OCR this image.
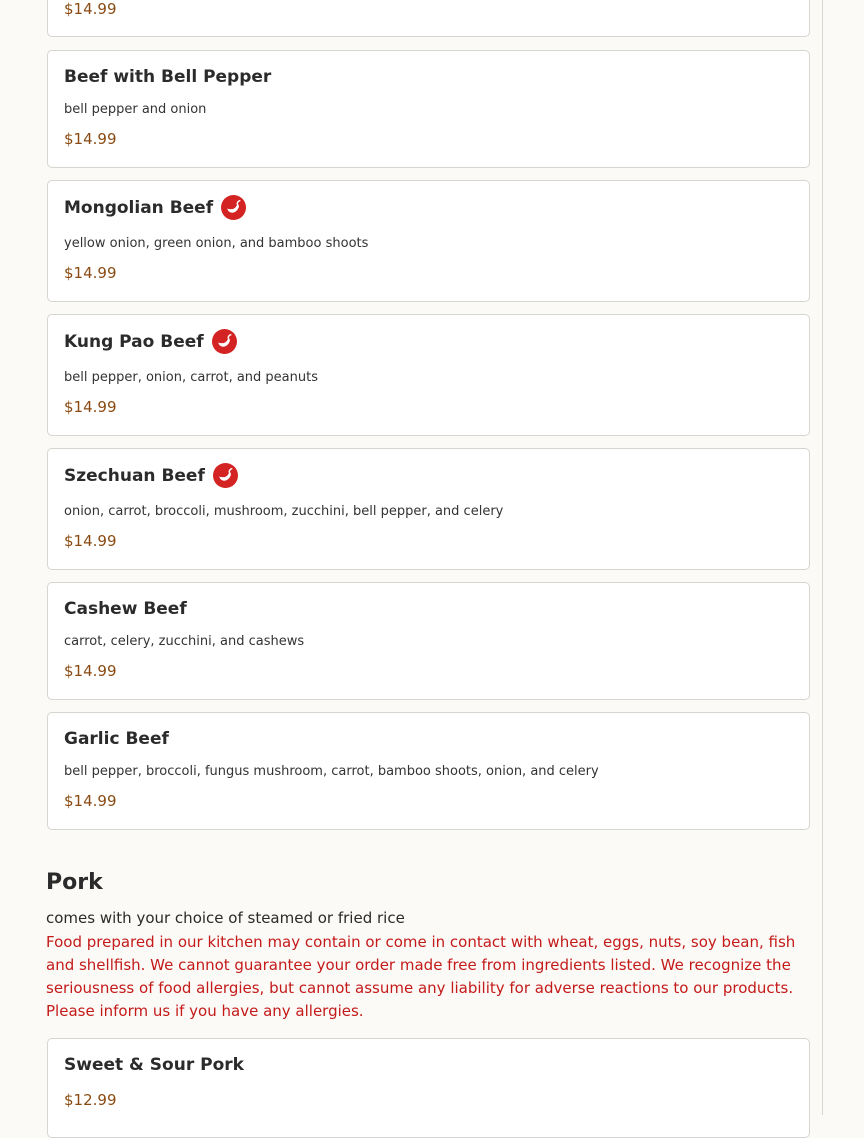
$14.99
Beef with Bell Pepper
bell pepper and onion
$14.99
Mongolian Beef
yellow onion, green onion, and bamboo shoots
$14.99
Kung Pao Beef
bell pepper, onion, carrot, and peanuts
$14.99
Szechuan Beef
onion, carrot, broccoli, mushroom, zucchini, bell pepper, and celery
$14.99
Cashew Beef
carrot, celery, zucchini, and cashews
$14.99
Garlic Beef
bell pepper, broccoli, fungus mushroom, carrot, bamboo shoots, onion, and celery
$14.99
Pork
comes with your choice of steamed or fried rice
Food prepared in our kitchen may contain or come in contact with wheat, eggs, nuts, soy bean, fish and shellfish. We cannot guarantee your order made free from ingredients listed. We recognize the seriousness of food allergies, but cannot assume any liability for adverse reactions to our products. Please inform us if you have any allergies.
Sweet & Sour Pork
$12.99
